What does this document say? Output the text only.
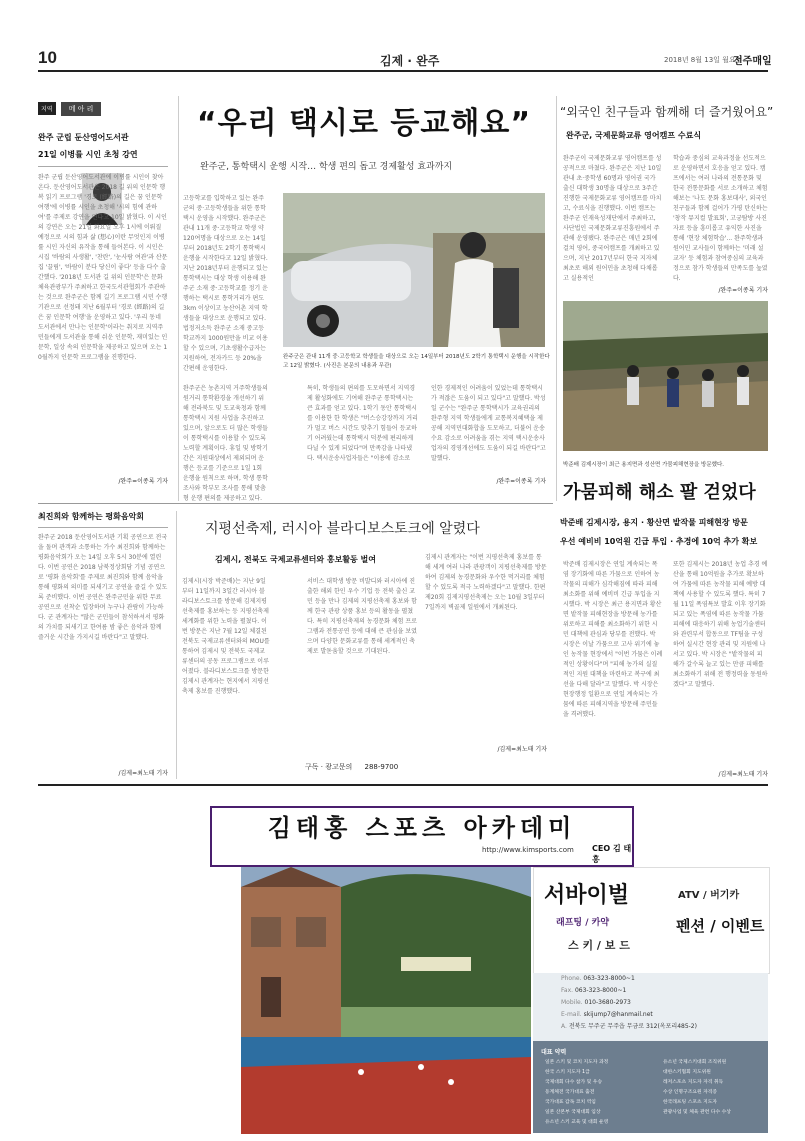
10	김제 · 완주	2018년 8월 13일 월요일
전주매일
지역 메 아 리
완주 군립 둔산영어도서관
21일 이병률 시인 초청 강연
완주 군립 둔산영어도서관에 이병률 시인이 찾아온다. 둔산영어도서관은 2018 길 위의 인문학 행복 읽기 프로그램 '경로 (經路)의 길은 꿈 인문학 여행'에 이병률 시인을 초청해 '시의 힘에 관하여'를 주제로 강연을 연다고 10일 밝혔다. 이 시인의 강연은 오는 21일 화요일 오후 1시에 이뤄질 예정으로 시의 힘과 삶 (想心)이란 무엇인지 이병률 시인 자신의 유작을 통해 들어본다. 이 시인은 시집 '바람의 사생활', '찬란', '눈사람 여관'과 산문집 '끌림', '바람이 분다 당신이 좋다' 등을 다수 출간했다. '2018년 도서관 길 위의 인문학'은 문화체육관광부가 주최하고 한국도서관협회가 주관하는 것으로 완주군은 함께 길기 프로그램 시민 수행기관으로 선정돼 지난 6월부터 '경로 (經路)의 길은 꿈 인문학 여행'을 운영하고 있다. '우리 동네 도서관에서 만나는 인문학'이라는 취지로 지역주민들에게 도서관을 통해 쉬운 인문학, 재미있는 인문학, 일상 속의 인문학을 제공하고 있으며 오는 10월까지 인문학 프로그램을 진행한다.
/완주=이종록 기자
“우리 택시로 등교해요”
완주군, 통학택시 운행 시작… 학생 편의 돕고 경제활성 효과까지
고등학교를 입학하고 있는 완주군의 중·고등학생들을 위한 통학택시 운영을 시작했다. 완주군은 관내 11개 중·고등학교 학생 약 120여명을 대상으로 오는 14일부터 2018년도 2학기 통학택시 운행을 시작한다고 12일 밝혔다. 지난 2018년부터 운행되고 있는 통학택시는 대상 학생 이용해 완주군 소재 중·고등학교를 정기 운행하는 택시로 통학거리가 편도 3km 이상이고 농산어촌 지역 학생들을 대상으로 운행되고 있다. 법정저소득 완주군 소재 중고등학교까지 1000원만을 비교 이용할 수 있으며, 기초생활수급자는 지원하여, 전자카드 등 20%을 간편해 운영한다.
완주군은 관내 11개 중·고등학교 학생들을 대상으로 오는 14일부터 2018년도 2학기 통학택시 운행을 시작한다고 12일 밝혔다. (사진은 본문의 내용과 무관)
완주군은 농촌지역 거주학생들의 원거리 통학환경을 개선하기 위해 전라북도 및 도교육청과 함께 통학택시 지원 사업을 추진하고 있으며, 앞으로도 더 많은 학생들이 통학택시를 이용할 수 있도록 노력할 계획이다. 휴일 및 방학기간은 지원대상에서 제외되며 운행은 등교를 기준으로 1일 1회 운행을 원칙으로 하며, 학생 통학 조사와 학부모 조사를 통해 맞춤형 운행 편의를 제공하고 있다.
특히, 학생들의 편의를 도모하면서 지역경제 활성화에도 기여해 완주군 통학택시는 큰 효과를 얻고 있다. 1학기 동안 통학택시를 이용한 한 학생은 "버스승강장까지 거리가 멀고 버스 시간도 맞추기 힘들어 등교하기 어려웠는데 통학택시 덕분에 편리하게 다닐 수 있게 되었다"며 만족감을 나타냈다. 택시운송사업자들은 "이용에 감소로
인한 경제적인 어려움이 있었는데 통학택시가 적잖은 도움이 되고 있다"고 말했다. 박성일 군수는 "완주군 통학택시가 교육권리의 완주형 지역 학생들에게 교통복지혜택을 제공해 지역민대화합을 도모하고, 더불어 운송수요 감소로 어려움을 겪는 지역 택시운송사업자의 경영개선에도 도움이 되길 바란다"고 말했다.
/완주=이종록 기자
“외국인 친구들과 함께해 더 즐거웠어요”
완주군, 국제문화교류 영어캠프 수료식
완주군이 국제문화교류 영어캠프를 성공적으로 마쳤다. 완주군은 지난 10일 관내 초·중학생 60명과 영어권 국가 출신 대학생 30명을 대상으로 3주간 진행한 국제문화교류 영어캠프를 마치고, 수료식을 진행했다. 이번 캠프는 완주군 인재육성재단에서 주최하고, 사단법인 국제문화교류진흥원에서 주관해 운영됐다. 완주군은 매년 2회에 걸쳐 영어, 중국어캠프를 개최하고 있으며, 지난 2017년부터 한국 지자체 최초로 해외 원어민을 초청해 다채롭고 실용적인
학습과 중심의 교육과정을 선도적으로 운영하면서 호응을 얻고 있다. 캠프에서는 여러 나라의 전통문화 및 한국 전통문화를 서로 소개하고 체험해보는 '나도 문화 홍보대사', 외국인 친구들과 함께 걸어가 가평 탄신하는 '창작 뮤지컬 발표회', 고궁탐방 사진자료 등을 흥미롭고 유익한 사진을 통해 '현장 체험학습'... 완주학생과 원어민 교사들이 함께하는 '미래 설교자' 등 체험과 참여중심의 교육과정으로 참가 학생들의 만족도를 높였다.
/완주=이종록 기자
박준배 김제시장이 최근 용지면과 성산면 가뭄피해현장을 방문했다.
가뭄피해 해소 팔 걷었다
박준배 김제시장, 용지 · 황산면 밭작물 피해현장 방문
우선 예비비 10억원 긴급 투입 · 추경에 10억 추가 확보
박준배 김제시장은 연일 계속되는 폭염 장기화에 따른 가뭄으로 인하여 농작물의 피해가 심각해짐에 따라 피해 최소화를 위해 예비비 긴급 투입을 지시했다. 박 시장은 최근 용지면과 황산면 밭작물 피해현장을 방문해 농가를 위로하고 피해를 최소화하기 위한 시민 대책에 관심과 당부를 전했다. 박 시장은 이날 가뭄으로 고사 위기에 놓인 농작물 현장에서 "이번 가뭄은 이례적인 상황이다"며 "피해 농가의 실질적인 지원 대책을 마련하고 복구에 최선을 다해 달라"고 말했다. 박 시장은 현장행정 일환으로 연일 계속되는 가뭄에 따른 피해지역을 방문해 주민들을 격려했다.
또한 김제시는 2018년 농업 추경 예산을 통해 10억원을 추가로 확보하여 가뭄에 따른 농작물 피해 예방 대책에 사용할 수 있도록 했다. 특히 7월 11일 폭염특보 발효 이후 장기화 되고 있는 폭염에 따른 농작물 가뭄피해에 대응하기 위해 농업기술센터와 관련부서 합동으로 TF팀을 구성하여 실시간 현장 관리 및 지원에 나서고 있다. 박 시장은 "밭작물의 피해가 갈수록 늘고 있는 만큼 피해를 최소화하기 위해 전 행정력을 동원하겠다"고 말했다.
/김제=최노태 기자
최진희와 함께하는 평화음악회
완주군 2018 둔산영어도서관 기획 공연으로 전국을 돌며 관객과 소통하는 가수 최진희와 함께하는 평화음악회가 오는 14일 오후 5시 30분에 열린다. 이번 공연은 2018 남북정상회담 기념 공연으로 '평화 음악회'를 주제로 최진희와 함께 음악을 통해 평화의 의미를 되새기고 공연을 즐길 수 있도록 준비했다. 이번 공연은 완주군민을 위한 무료 공연으로 선착순 입장하며 누구나 관람이 가능하다. 군 관계자는 "많은 군민들이 참석하셔서 평화의 가치를 되새기고 한여름 밤 좋은 음악과 함께 즐거운 시간을 가지시길 바란다"고 말했다.
/김제=최노태 기자
지평선축제, 러시아 블라디보스토크에 알렸다
김제시, 전북도 국제교류센터와 홍보활동 벌여
김제시(시장 박준배)는 지난 9일부터 11일까지 3일간 러시아 블라디보스토크를 방문해 김제지평선축제를 홍보하는 등 지평선축제 세계화를 위한 노력을 펼쳤다. 이번 방문은 지난 7월 12일 체결된 전북도 국제교류센터와의 MOU를 통하여 김제시 및 전북도 국제교류센터의 공동 프로그램으로 이루어졌다. 블라디보스토크를 방문한 김제시 관계자는 현지에서 지평선축제 홍보를 진행했다.
서비스 대학생 방문 비발디와 러시아에 진출한 해외 한인 우수 기업 등 전북 출신 교민 등을 만나 김제의 지평선축제 홍보와 함께 한국 관광 상품 홍보 등의 활동을 펼쳤다. 특히 지평선축제의 농경문화 체험 프로그램과 전통공연 등에 대해 큰 관심을 보였으며 다양한 문화교류를 통해 세계적인 축제로 발돋움할 것으로 기대된다.
김제시 관계자는 "이번 지평선축제 홍보를 통해 세계 여러 나라 관광객이 지평선축제를 방문하여 김제의 농경문화와 우수한 먹거리를 체험할 수 있도록 적극 노력하겠다"고 말했다. 한편 제20회 김제지평선축제는 오는 10월 3일부터 7일까지 벽골제 일원에서 개최된다.
/김제=최노태 기자
구독 · 광고문의 288-9700
김태홍 스포츠 아카데미
http://www.kimsports.com CEO 김 태 홍
서바이벌	ATV / 버기카
래프팅 / 카약	펜션 / 이벤트
스 키 / 보 드
Phone. 063-323-8000~1
Fax. 063-323-8000~1
Mobile. 010-3680-2973
E-mail. skijump7@hanmail.net
A. 전북도 무주군 무주읍 무금로 312(옥포리485-2)
대표 약력
일본 스키 및 코치 지도자 과정
한국 스키 지도자 1급
국제대회 다수 참가 및 우승
동계체전 국가대표 출전
국가대표 감독 코치 역임
일본 산본부 국제대회 입상
유소년 스키 교육 및 대회 운영
유소년 국제스키대회 조직위원
대한스키협회 지도위원
레저스포츠 지도자 자격 취득
수상 인명구조요원 자격증
한국래프팅 스포츠 지도자
관광사업 및 체육 관련 다수 수상
